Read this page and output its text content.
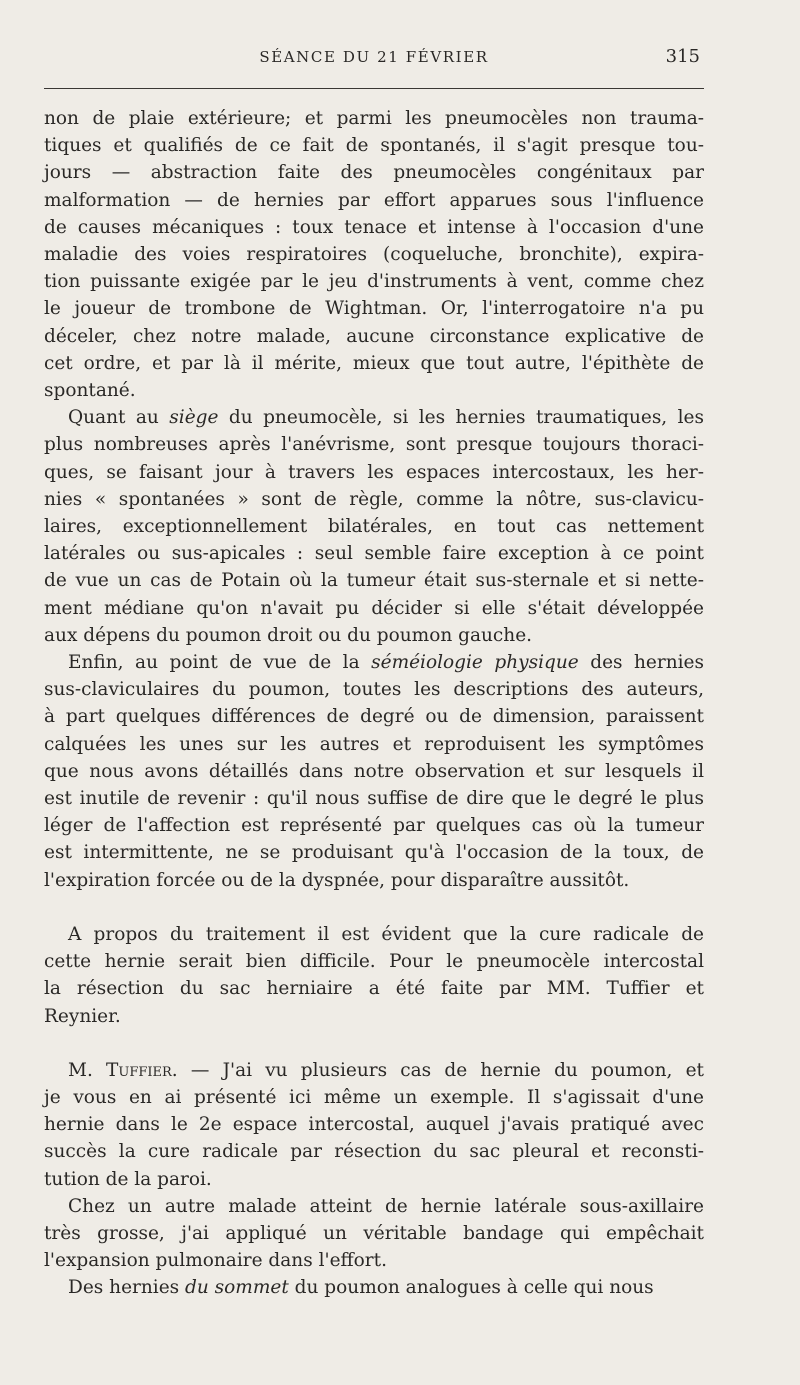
SÉANCE DU 21 FÉVRIER	315
non de plaie extérieure; et parmi les pneumocèles non trauma-
tiques et qualifiés de ce fait de spontanés, il s'agit presque tou-
jours — abstraction faite des pneumocèles congénitaux par
malformation — de hernies par effort apparues sous l'influence
de causes mécaniques : toux tenace et intense à l'occasion d'une
maladie des voies respiratoires (coqueluche, bronchite), expira-
tion puissante exigée par le jeu d'instruments à vent, comme chez
le joueur de trombone de Wightman. Or, l'interrogatoire n'a pu
déceler, chez notre malade, aucune circonstance explicative de
cet ordre, et par là il mérite, mieux que tout autre, l'épithète de
spontané.
Quant au siège du pneumocèle, si les hernies traumatiques, les
plus nombreuses après l'anévrisme, sont presque toujours thoraci-
ques, se faisant jour à travers les espaces intercostaux, les her-
nies « spontanées » sont de règle, comme la nôtre, sus-clavicu-
laires, exceptionnellement bilatérales, en tout cas nettement
latérales ou sus-apicales : seul semble faire exception à ce point
de vue un cas de Potain où la tumeur était sus-sternale et si nette-
ment médiane qu'on n'avait pu décider si elle s'était développée
aux dépens du poumon droit ou du poumon gauche.
Enfin, au point de vue de la séméiologie physique des hernies
sus-claviculaires du poumon, toutes les descriptions des auteurs,
à part quelques différences de degré ou de dimension, paraissent
calquées les unes sur les autres et reproduisent les symptômes
que nous avons détaillés dans notre observation et sur lesquels il
est inutile de revenir : qu'il nous suffise de dire que le degré le plus
léger de l'affection est représenté par quelques cas où la tumeur
est intermittente, ne se produisant qu'à l'occasion de la toux, de
l'expiration forcée ou de la dyspnée, pour disparaître aussitôt.
A propos du traitement il est évident que la cure radicale de
cette hernie serait bien difficile. Pour le pneumocèle intercostal
la résection du sac herniaire a été faite par MM. Tuffier et
Reynier.
M. Tuffier. — J'ai vu plusieurs cas de hernie du poumon, et
je vous en ai présenté ici même un exemple. Il s'agissait d'une
hernie dans le 2e espace intercostal, auquel j'avais pratiqué avec
succès la cure radicale par résection du sac pleural et reconsti-
tution de la paroi.
Chez un autre malade atteint de hernie latérale sous-axillaire
très grosse, j'ai appliqué un véritable bandage qui empêchait
l'expansion pulmonaire dans l'effort.
Des hernies du sommet du poumon analogues à celle qui nous
